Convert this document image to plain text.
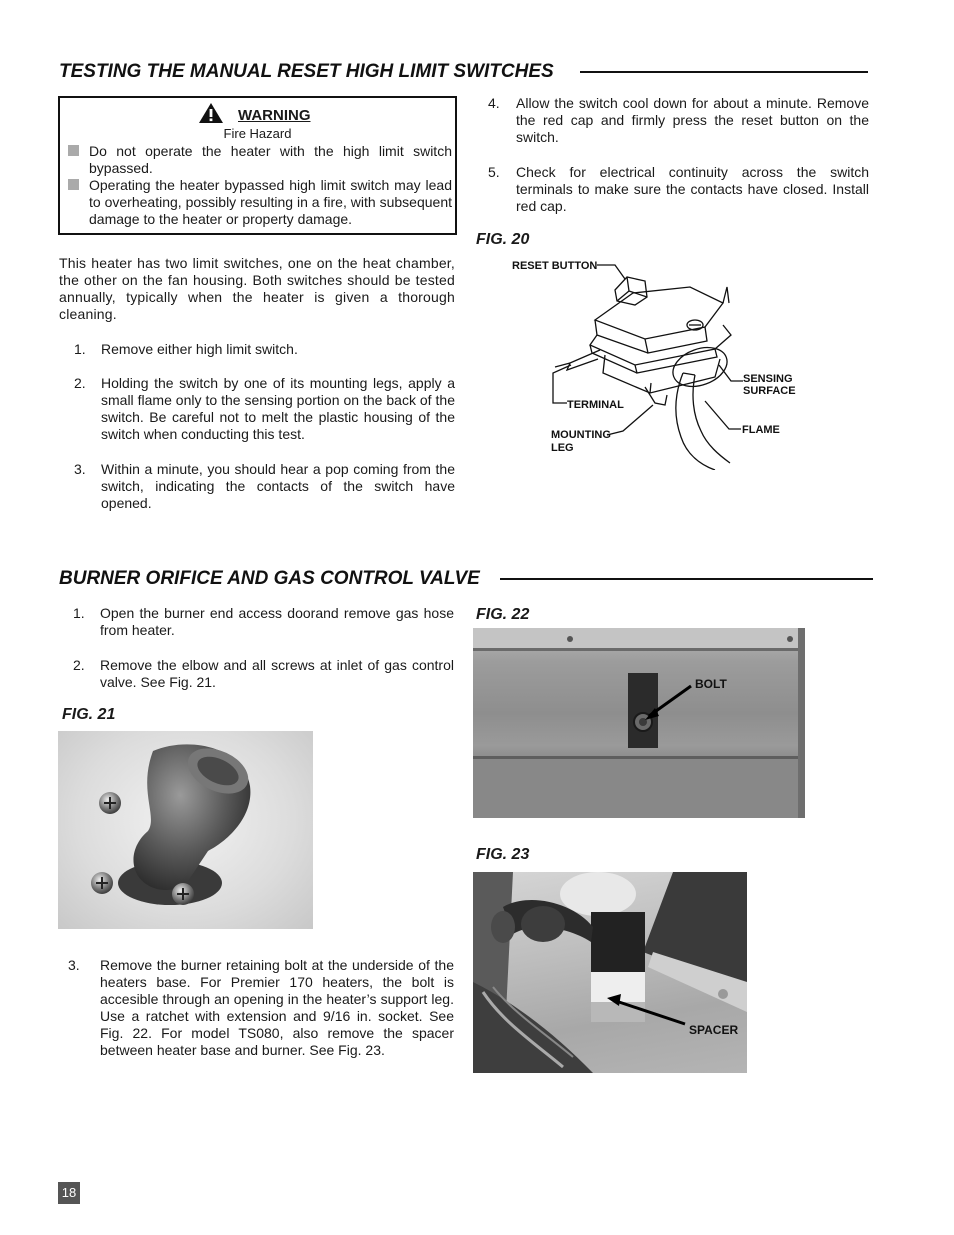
TESTING THE MANUAL RESET HIGH LIMIT SWITCHES
WARNING
Fire Hazard
Do not operate the heater with the high limit switch bypassed.
Operating the heater bypassed high limit switch may lead to overheating, possibly resulting in a fire, with subsequent damage to the heater or property damage.
This heater has two limit switches, one on the heat chamber, the other on the fan housing. Both switches should be tested annually, typically when the heater is given a thorough cleaning.
1. Remove either high limit switch.
2. Holding the switch by one of its mounting legs, apply a small flame only to the sensing portion on the back of the switch. Be careful not to melt the plastic housing of the switch when conducting this test.
3. Within a minute, you should hear a pop coming from the switch, indicating the contacts of the switch have opened.
4. Allow the switch cool down for about a minute. Remove the red cap and firmly press the reset button on the switch.
5. Check for electrical continuity across the switch terminals to make sure the contacts have closed. Install red cap.
FIG. 20
RESET BUTTON
SENSING
SURFACE
TERMINAL
MOUNTING
LEG
FLAME
BURNER ORIFICE AND GAS CONTROL VALVE
1. Open the burner end access doorand remove gas hose from heater.
2. Remove the elbow and all screws at inlet of gas control valve. See Fig. 21.
FIG. 21
3. Remove the burner retaining bolt at the underside of the heaters base. For Premier 170 heaters, the bolt is accesible through an opening in the heater’s support leg. Use a ratchet with extension and 9/16 in. socket. See Fig. 22. For model TS080, also remove the spacer between heater base and burner. See Fig. 23.
FIG. 22
BOLT
FIG. 23
SPACER
18
